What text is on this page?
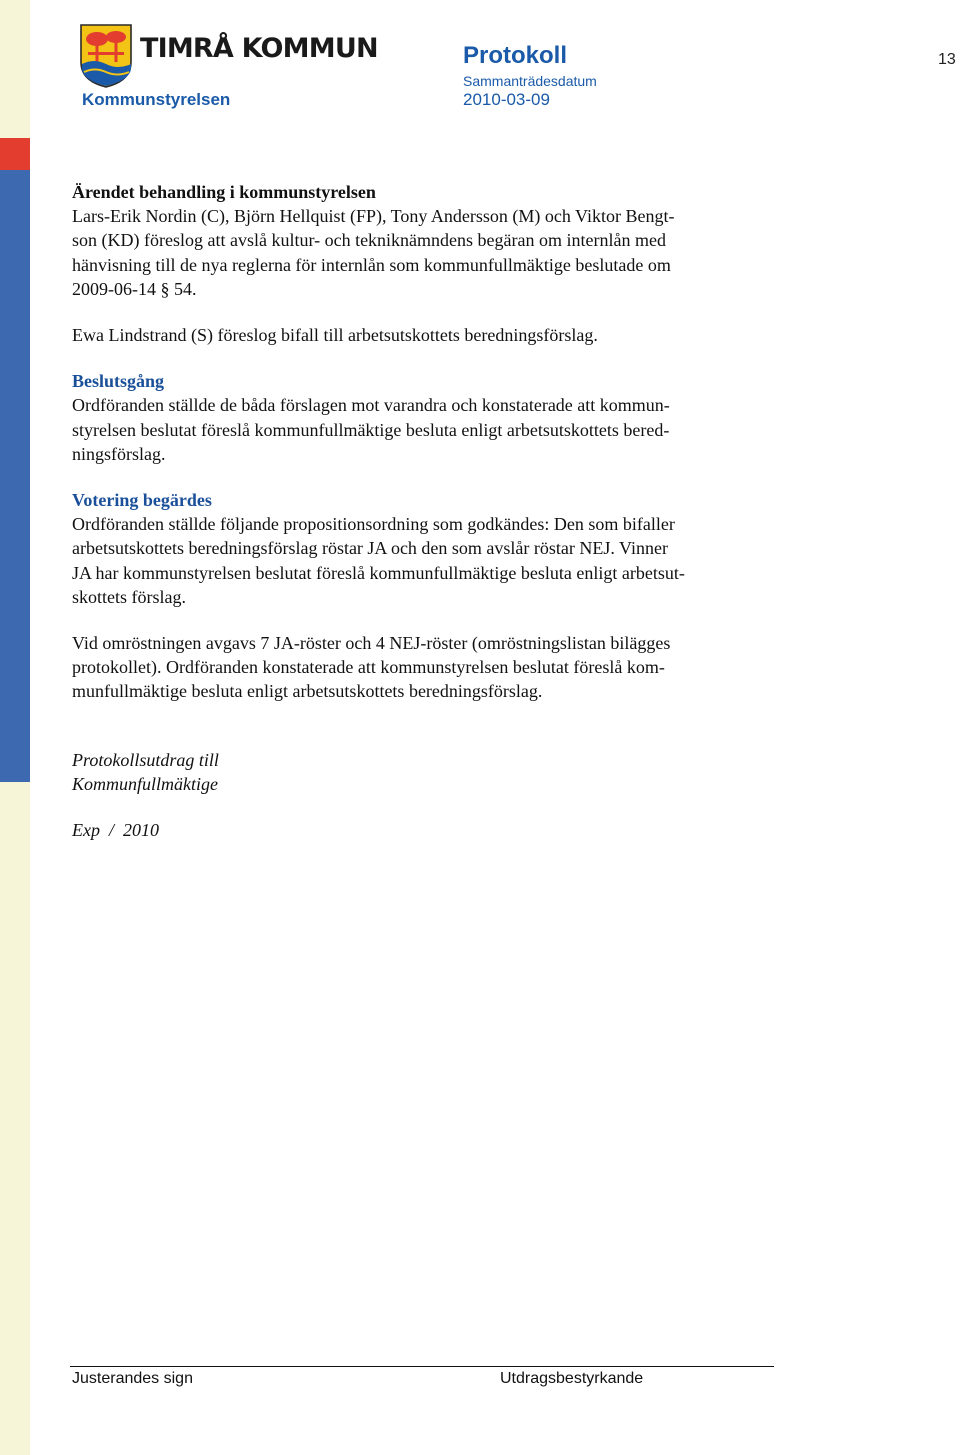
TIMRÅ KOMMUN
Kommunstyrelsen
Protokoll
Sammanträdesdatum
2010-03-09
13

Ärendet behandling i kommunstyrelsen

Lars-Erik Nordin (C), Björn Hellquist (FP), Tony Andersson (M) och Viktor Bengt-

son (KD) föreslog att avslå kultur- och tekniknämndens begäran om internlån med

hänvisning till de nya reglerna för internlån som kommunfullmäktige beslutade om

2009-06-14 § 54.

Ewa Lindstrand (S) föreslog bifall till arbetsutskottets beredningsförslag.

Beslutsgång

Ordföranden ställde de båda förslagen mot varandra och konstaterade att kommun-

styrelsen beslutat föreslå kommunfullmäktige besluta enligt arbetsutskottets bered-

ningsförslag.

Votering begärdes

Ordföranden ställde följande propositionsordning som godkändes: Den som bifaller

arbetsutskottets beredningsförslag röstar JA och den som avslår röstar NEJ. Vinner

JA har kommunstyrelsen beslutat föreslå kommunfullmäktige besluta enligt arbetsut-

skottets förslag.

Vid omröstningen avgavs 7 JA-röster och 4 NEJ-röster (omröstningslistan bilägges

protokollet). Ordföranden konstaterade att kommunstyrelsen beslutat föreslå kom-

munfullmäktige besluta enligt arbetsutskottets beredningsförslag.

Protokollsutdrag till

Kommunfullmäktige

Exp  /  2010

Justerandes sign	Utdragsbestyrkande
